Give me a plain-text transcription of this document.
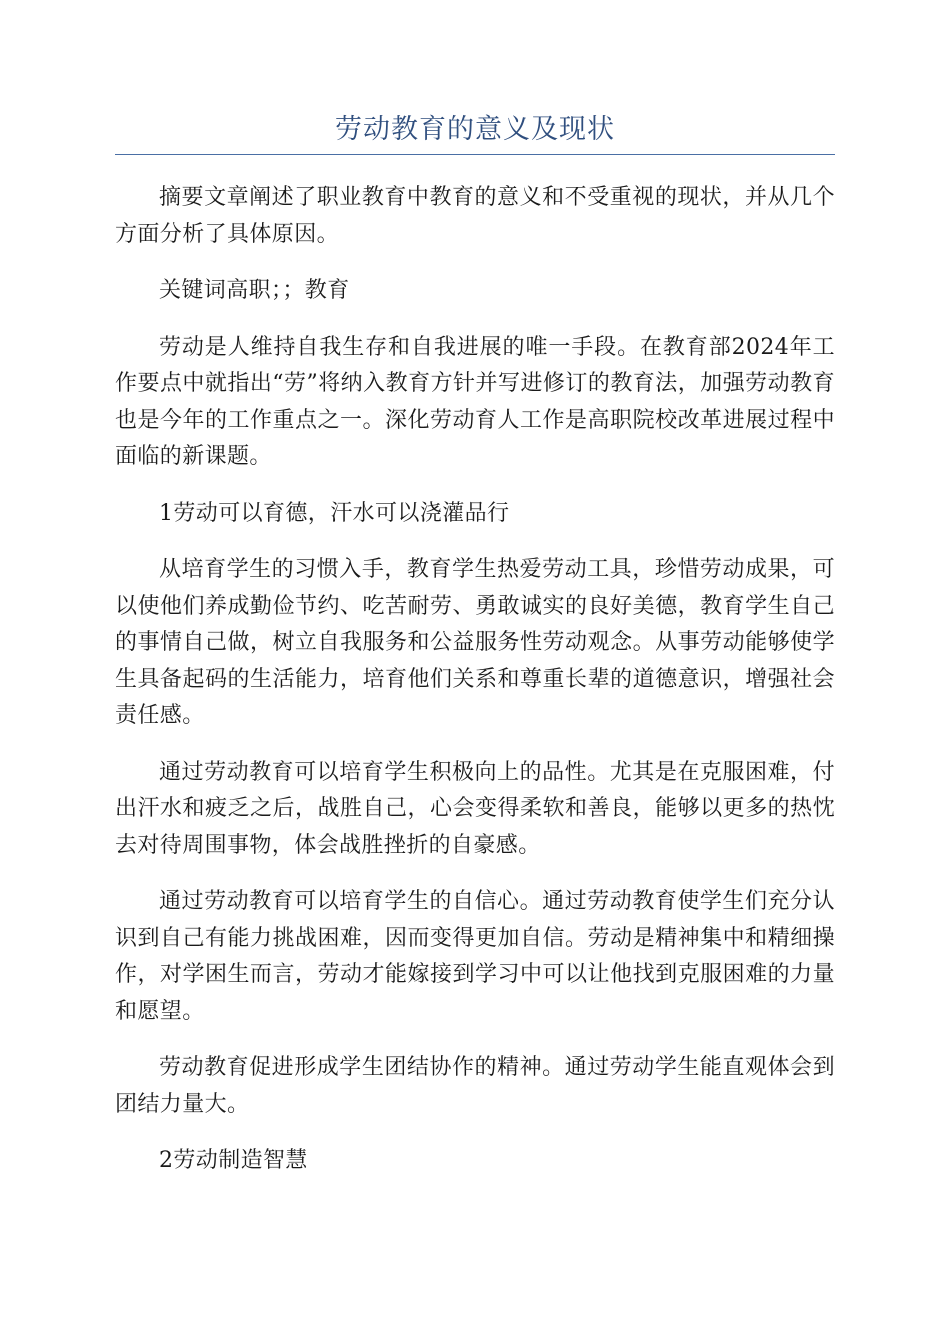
劳动教育的意义及现状

摘要文章阐述了职业教育中教育的意义和不受重视的现状，并从几个方面分析了具体原因。

关键词高职；；教育

劳动是人维持自我生存和自我进展的唯一手段。在教育部2024年工作要点中就指出“劳”将纳入教育方针并写进修订的教育法，加强劳动教育也是今年的工作重点之一。深化劳动育人工作是高职院校改革进展过程中面临的新课题。

1劳动可以育德，汗水可以浇灌品行

从培育学生的习惯入手，教育学生热爱劳动工具，珍惜劳动成果，可以使他们养成勤俭节约、吃苦耐劳、勇敢诚实的良好美德，教育学生自己的事情自己做，树立自我服务和公益服务性劳动观念。从事劳动能够使学生具备起码的生活能力，培育他们关系和尊重长辈的道德意识，增强社会责任感。

通过劳动教育可以培育学生积极向上的品性。尤其是在克服困难，付出汗水和疲乏之后，战胜自己，心会变得柔软和善良，能够以更多的热忱去对待周围事物，体会战胜挫折的自豪感。

通过劳动教育可以培育学生的自信心。通过劳动教育使学生们充分认识到自己有能力挑战困难，因而变得更加自信。劳动是精神集中和精细操作，对学困生而言，劳动才能嫁接到学习中可以让他找到克服困难的力量和愿望。

劳动教育促进形成学生团结协作的精神。通过劳动学生能直观体会到团结力量大。

2劳动制造智慧
